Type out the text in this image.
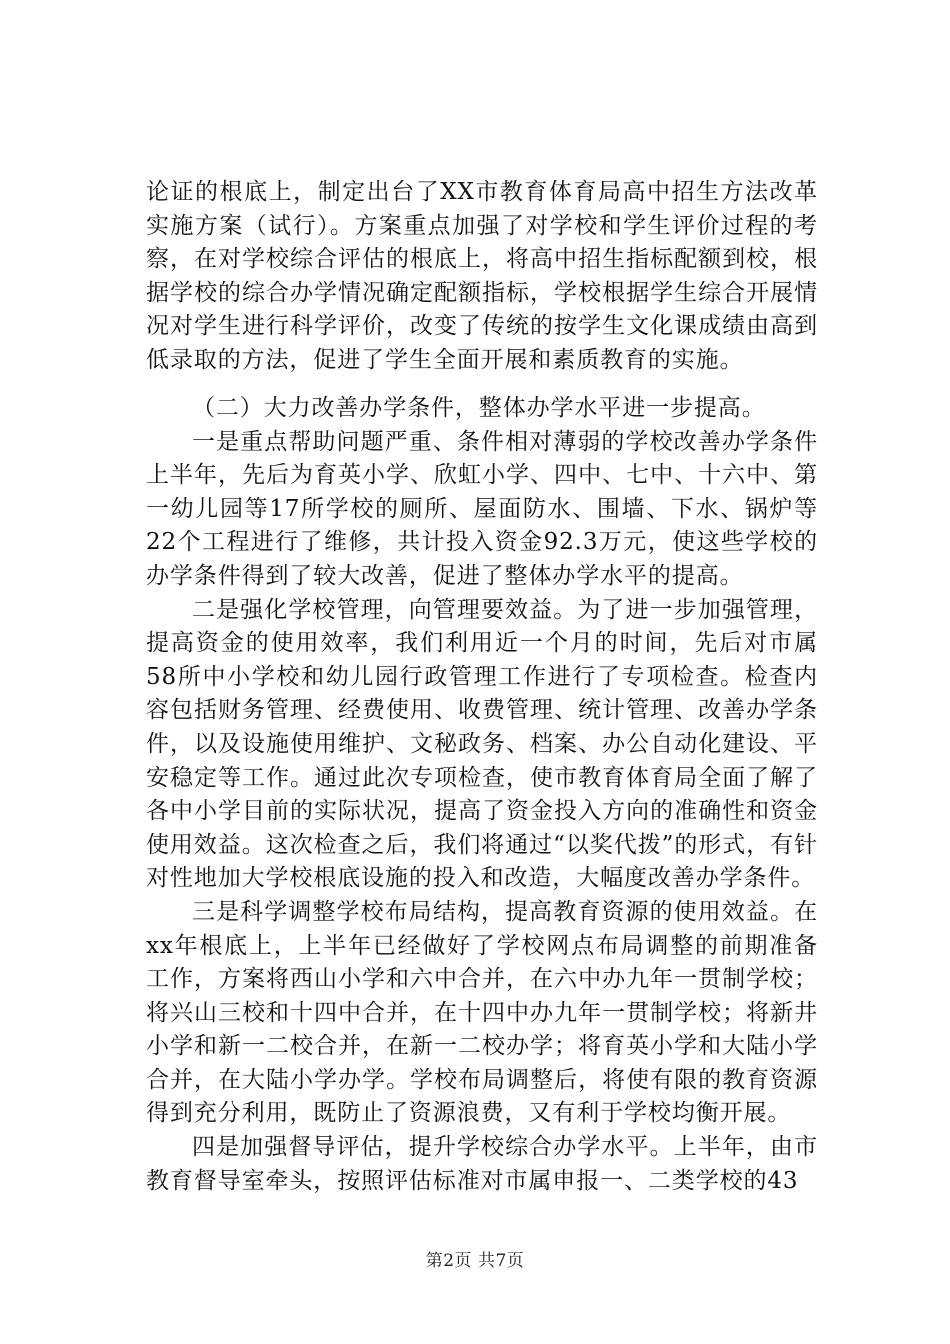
论证的根底上，制定出台了XX市教育体育局高中招生方法改革实施方案（试行）。方案重点加强了对学校和学生评价过程的考察，在对学校综合评估的根底上，将高中招生指标配额到校，根据学校的综合办学情况确定配额指标，学校根据学生综合开展情况对学生进行科学评价，改变了传统的按学生文化课成绩由高到低录取的方法，促进了学生全面开展和素质教育的实施。

（二）大力改善办学条件，整体办学水平进一步提高。

一是重点帮助问题严重、条件相对薄弱的学校改善办学条件上半年，先后为育英小学、欣虹小学、四中、七中、十六中、第一幼儿园等17所学校的厕所、屋面防水、围墙、下水、锅炉等22个工程进行了维修，共计投入资金92.3万元，使这些学校的办学条件得到了较大改善，促进了整体办学水平的提高。

二是强化学校管理，向管理要效益。为了进一步加强管理，提高资金的使用效率，我们利用近一个月的时间，先后对市属58所中小学校和幼儿园行政管理工作进行了专项检查。检查内容包括财务管理、经费使用、收费管理、统计管理、改善办学条件，以及设施使用维护、文秘政务、档案、办公自动化建设、平安稳定等工作。通过此次专项检查，使市教育体育局全面了解了各中小学目前的实际状况，提高了资金投入方向的准确性和资金使用效益。这次检查之后，我们将通过“以奖代拨”的形式，有针对性地加大学校根底设施的投入和改造，大幅度改善办学条件。

三是科学调整学校布局结构，提高教育资源的使用效益。在xx年根底上，上半年已经做好了学校网点布局调整的前期准备工作，方案将西山小学和六中合并，在六中办九年一贯制学校；将兴山三校和十四中合并，在十四中办九年一贯制学校；将新井小学和新一二校合并，在新一二校办学；将育英小学和大陆小学合并，在大陆小学办学。学校布局调整后，将使有限的教育资源得到充分利用，既防止了资源浪费，又有利于学校均衡开展。

四是加强督导评估，提升学校综合办学水平。上半年，由市教育督导室牵头，按照评估标准对市属申报一、二类学校的43

第2页 共7页
